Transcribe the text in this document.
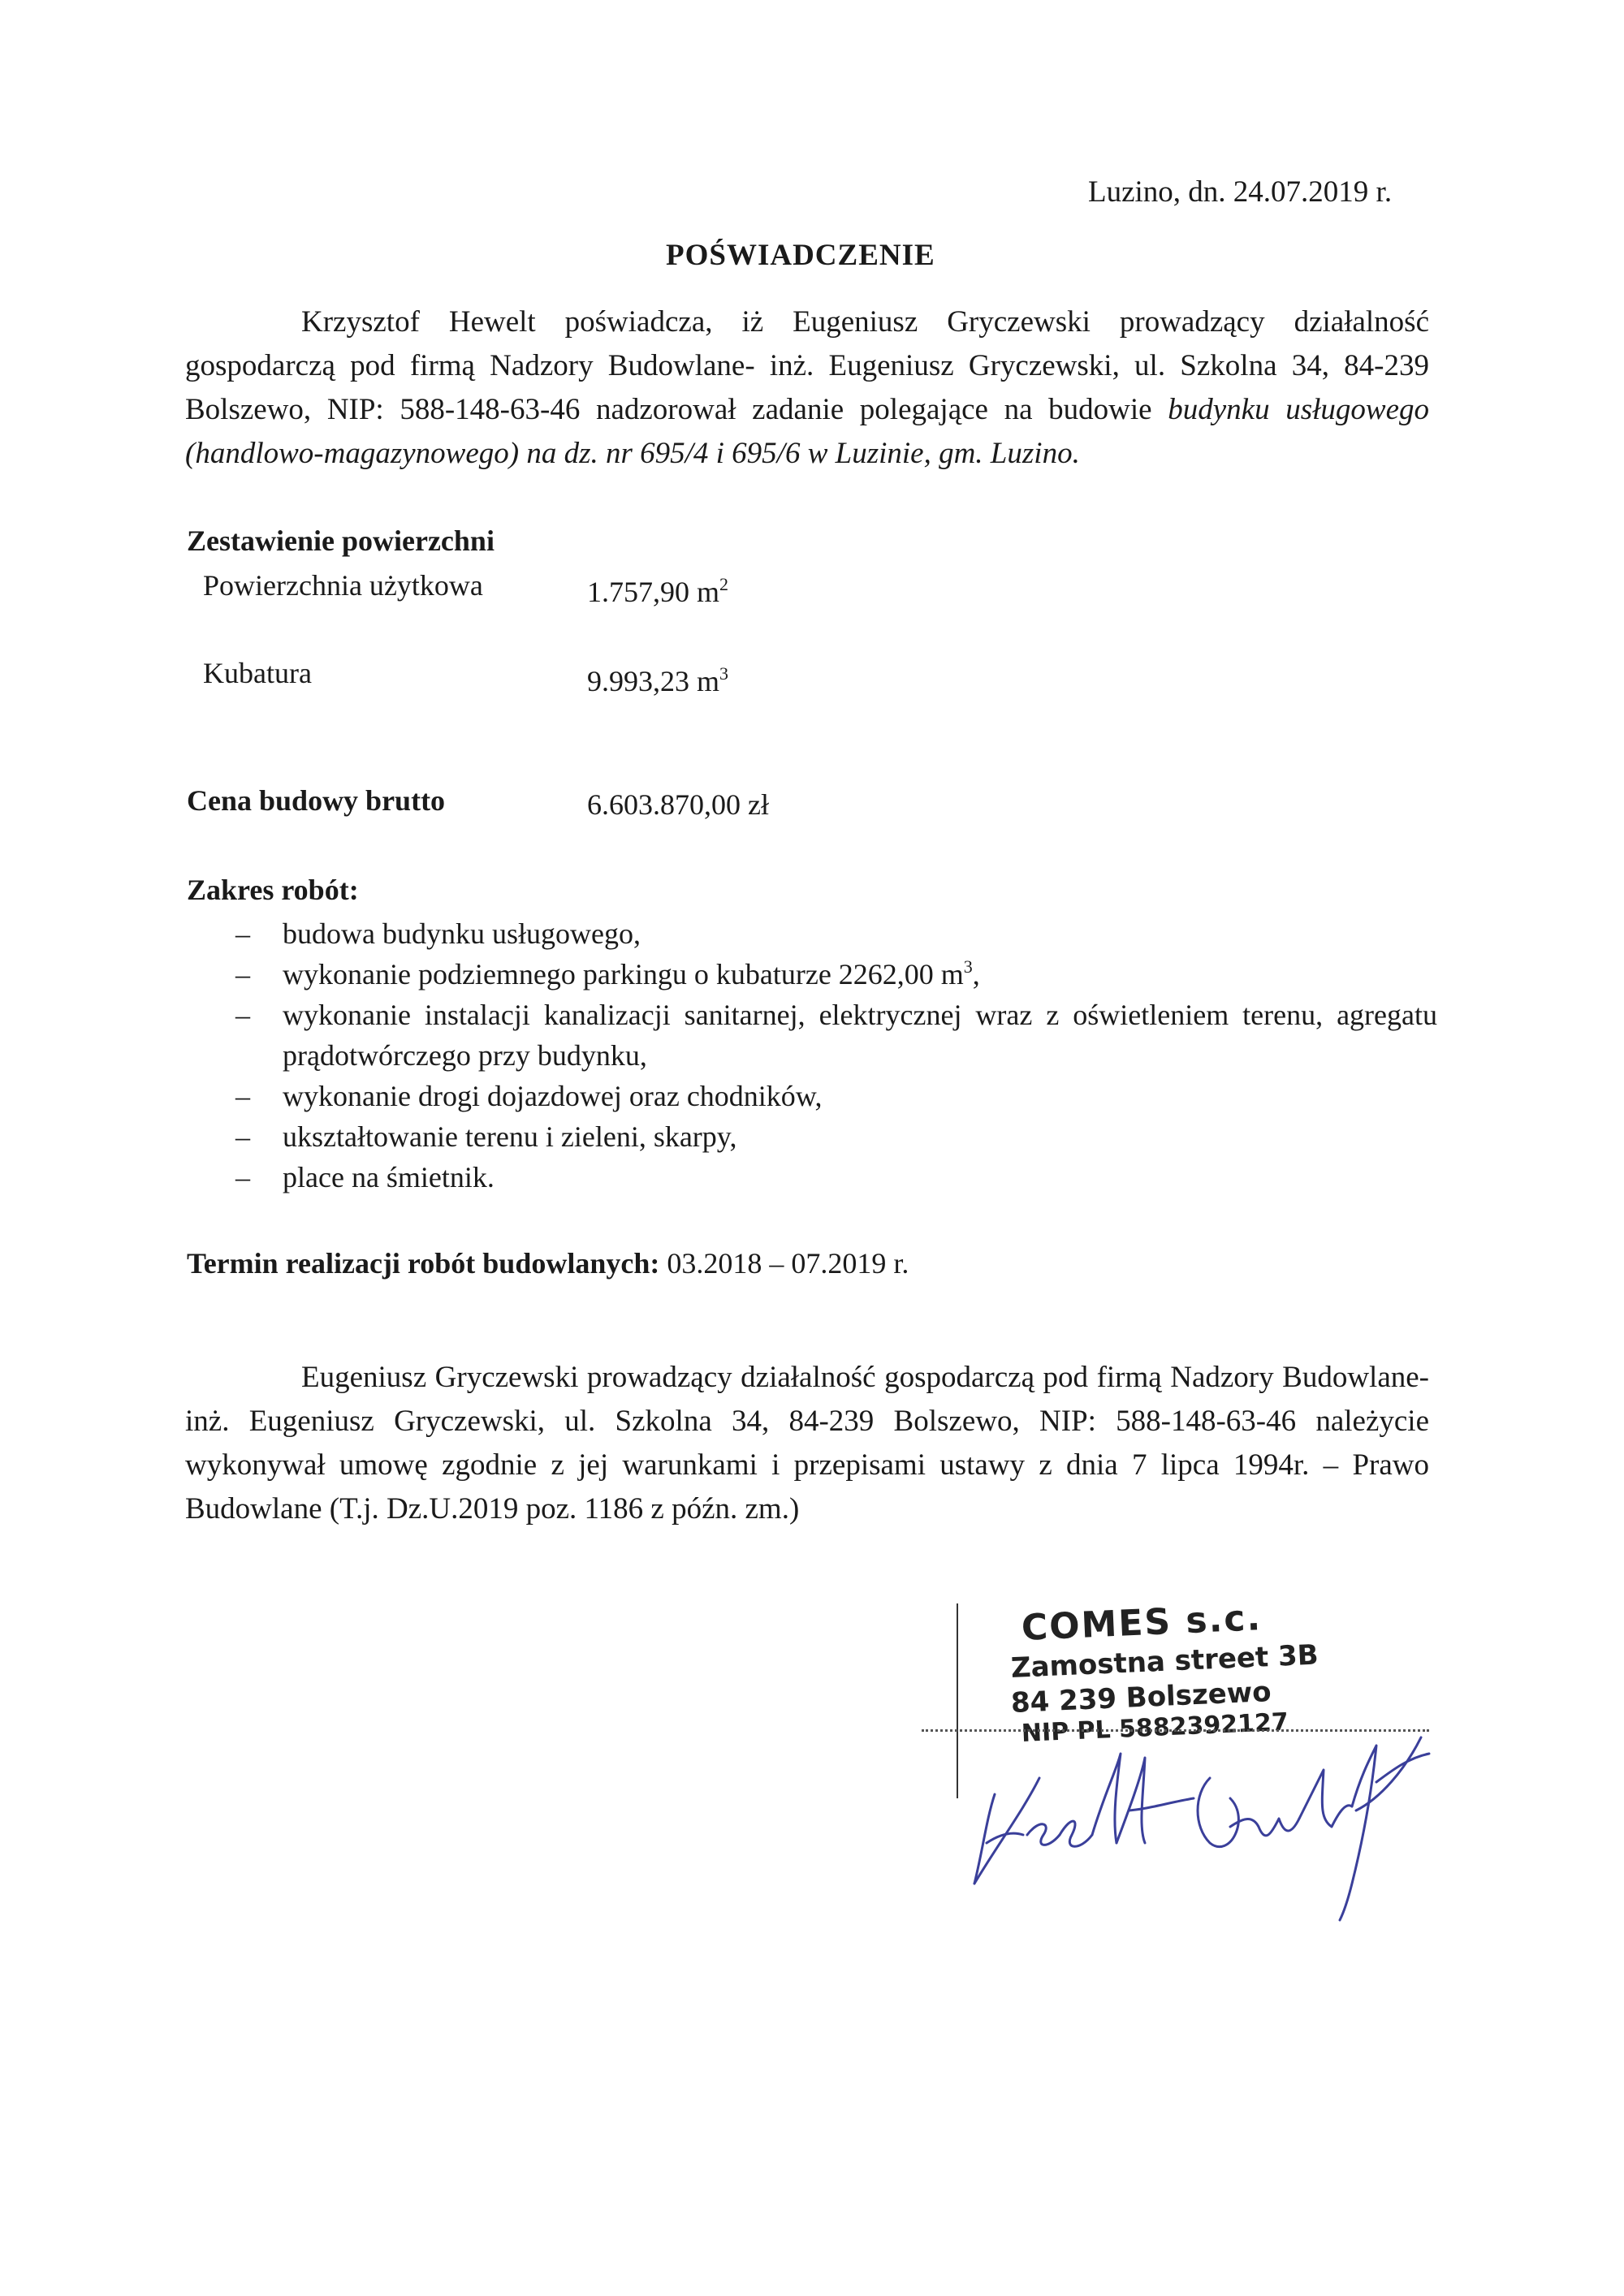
Luzino, dn. 24.07.2019 r.
POŚWIADCZENIE

Krzysztof Hewelt poświadcza, iż Eugeniusz Gryczewski prowadzący działalność gospodarczą pod firmą Nadzory Budowlane- inż. Eugeniusz Gryczewski, ul. Szkolna 34, 84-239 Bolszewo, NIP: 588-148-63-46 nadzorował zadanie polegające na budowie budynku usługowego (handlowo-magazynowego) na dz. nr 695/4 i 695/6 w Luzinie, gm. Luzino.

Zestawienie powierzchni
Powierzchnia użytkowa	1.757,90 $m^2$
Kubatura	9.993,23 $m^3$
Cena budowy brutto	6.603.870,00 zł
Zakres robót:
– budowa budynku usługowego,
– wykonanie podziemnego parkingu o kubaturze 2262,00 $m^3$,
– wykonanie instalacji kanalizacji sanitarnej, elektrycznej wraz z oświetleniem terenu, agregatu prądotwórczego przy budynku,
– wykonanie drogi dojazdowej oraz chodników,
– ukształtowanie terenu i zieleni, skarpy,
– place na śmietnik.
Termin realizacji robót budowlanych: 03.2018 – 07.2019 r.

Eugeniusz Gryczewski prowadzący działalność gospodarczą pod firmą Nadzory Budowlane- inż. Eugeniusz Gryczewski, ul. Szkolna 34, 84-239 Bolszewo, NIP: 588-148-63-46 należycie wykonywał umowę zgodnie z jej warunkami i przepisami ustawy z dnia 7 lipca 1994r. – Prawo Budowlane (T.j. Dz.U.2019 poz. 1186 z późn. zm.)

COMES s.c.
Zamostna street 3B
84 239 Bolszewo
NIP PL 5882392127
